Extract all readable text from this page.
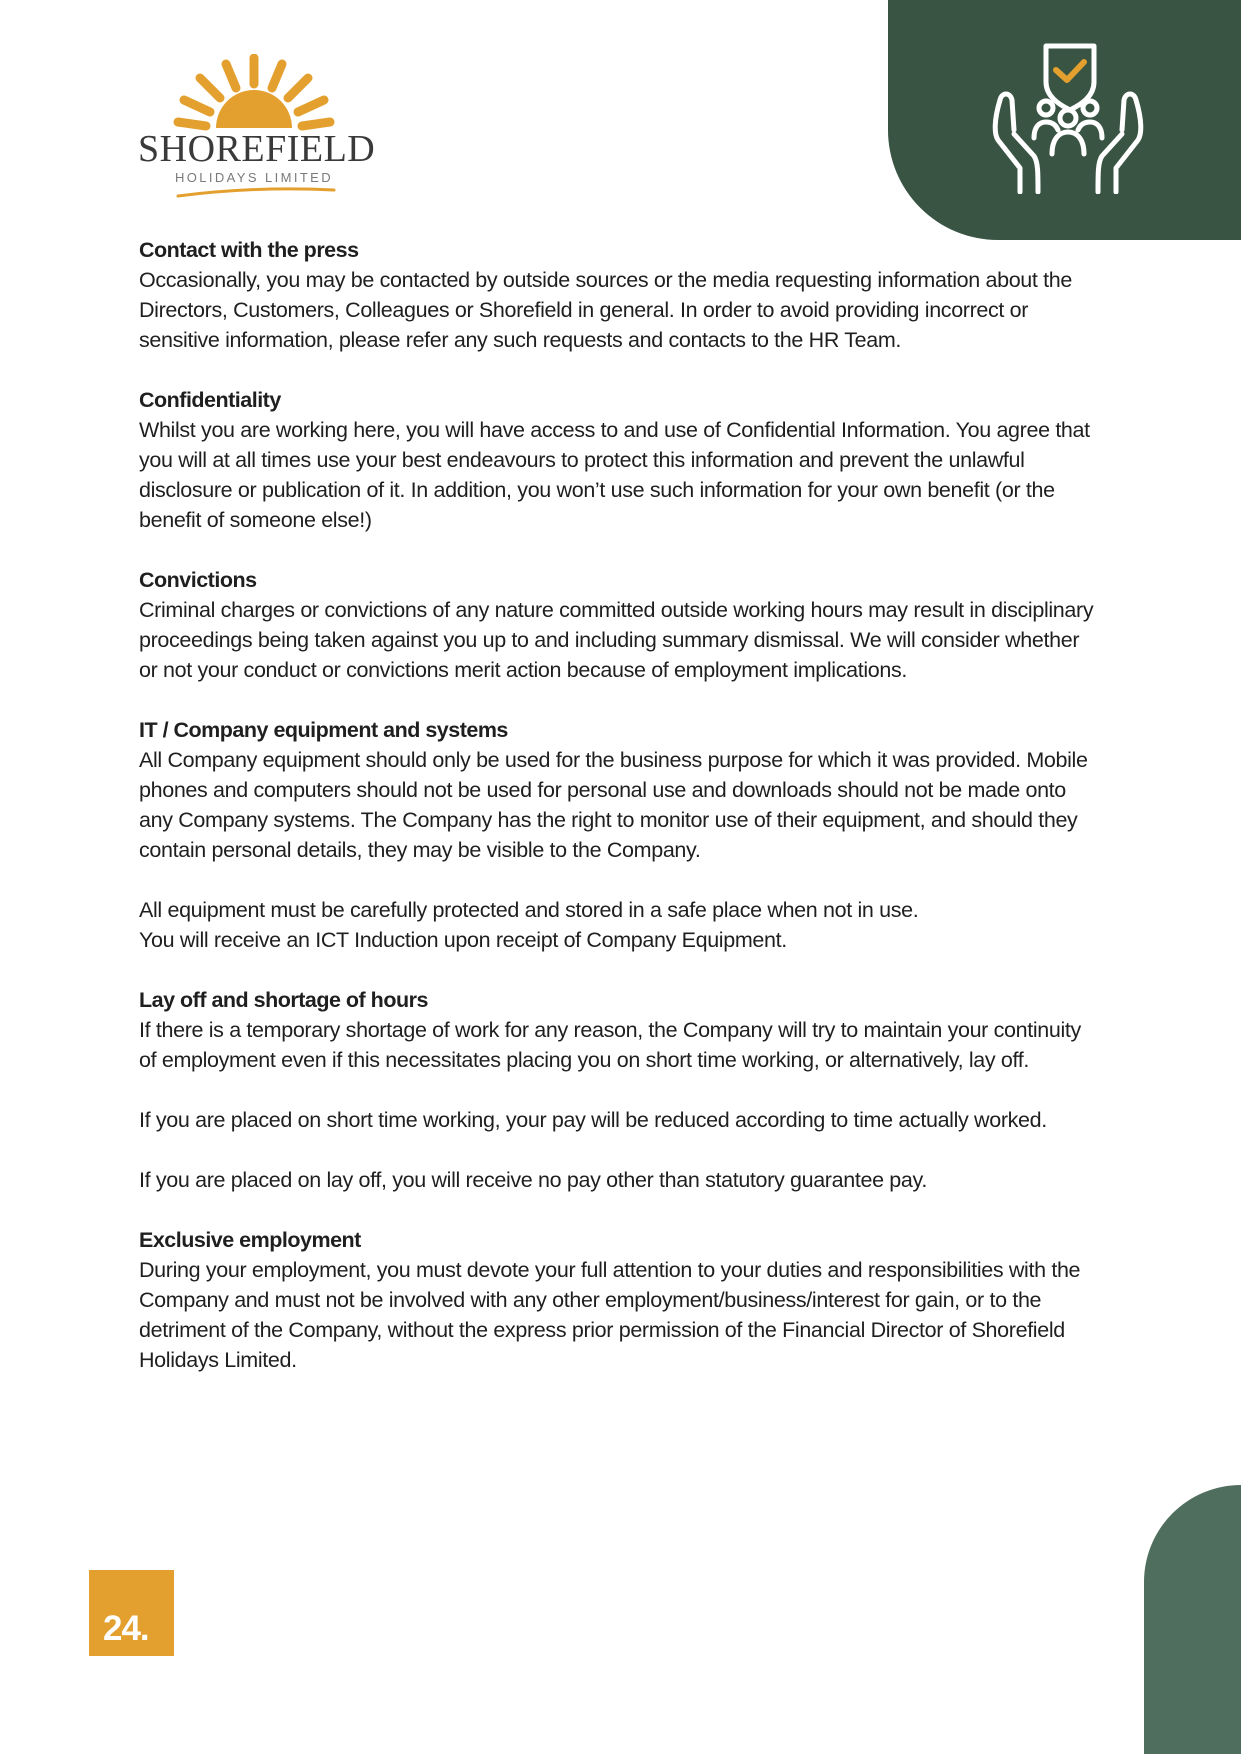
SHOREFIELD
HOLIDAYS LIMITED
Contact with the press

Occasionally, you may be contacted by outside sources or the media requesting information about the Directors, Customers, Colleagues or Shorefield in general. In order to avoid providing incorrect or sensitive information, please refer any such requests and contacts to the HR Team.

Confidentiality

Whilst you are working here, you will have access to and use of Confidential Information. You agree that you will at all times use your best endeavours to protect this information and prevent the unlawful disclosure or publication of it. In addition, you won’t use such information for your own benefit (or the benefit of someone else!)

Convictions

Criminal charges or convictions of any nature committed outside working hours may result in disciplinary proceedings being taken against you up to and including summary dismissal. We will consider whether or not your conduct or convictions merit action because of employment implications.

IT / Company equipment and systems

All Company equipment should only be used for the business purpose for which it was provided. Mobile phones and computers should not be used for personal use and downloads should not be made onto any Company systems. The Company has the right to monitor use of their equipment, and should they contain personal details, they may be visible to the Company.

All equipment must be carefully protected and stored in a safe place when not in use.

You will receive an ICT Induction upon receipt of Company Equipment.

Lay off and shortage of hours

If there is a temporary shortage of work for any reason, the Company will try to maintain your continuity of employment even if this necessitates placing you on short time working, or alternatively, lay off.

If you are placed on short time working, your pay will be reduced according to time actually worked.

If you are placed on lay off, you will receive no pay other than statutory guarantee pay.

Exclusive employment

During your employment, you must devote your full attention to your duties and responsibilities with the Company and must not be involved with any other employment/business/interest for gain, or to the detriment of the Company, without the express prior permission of the Financial Director of Shorefield Holidays Limited.

24.
